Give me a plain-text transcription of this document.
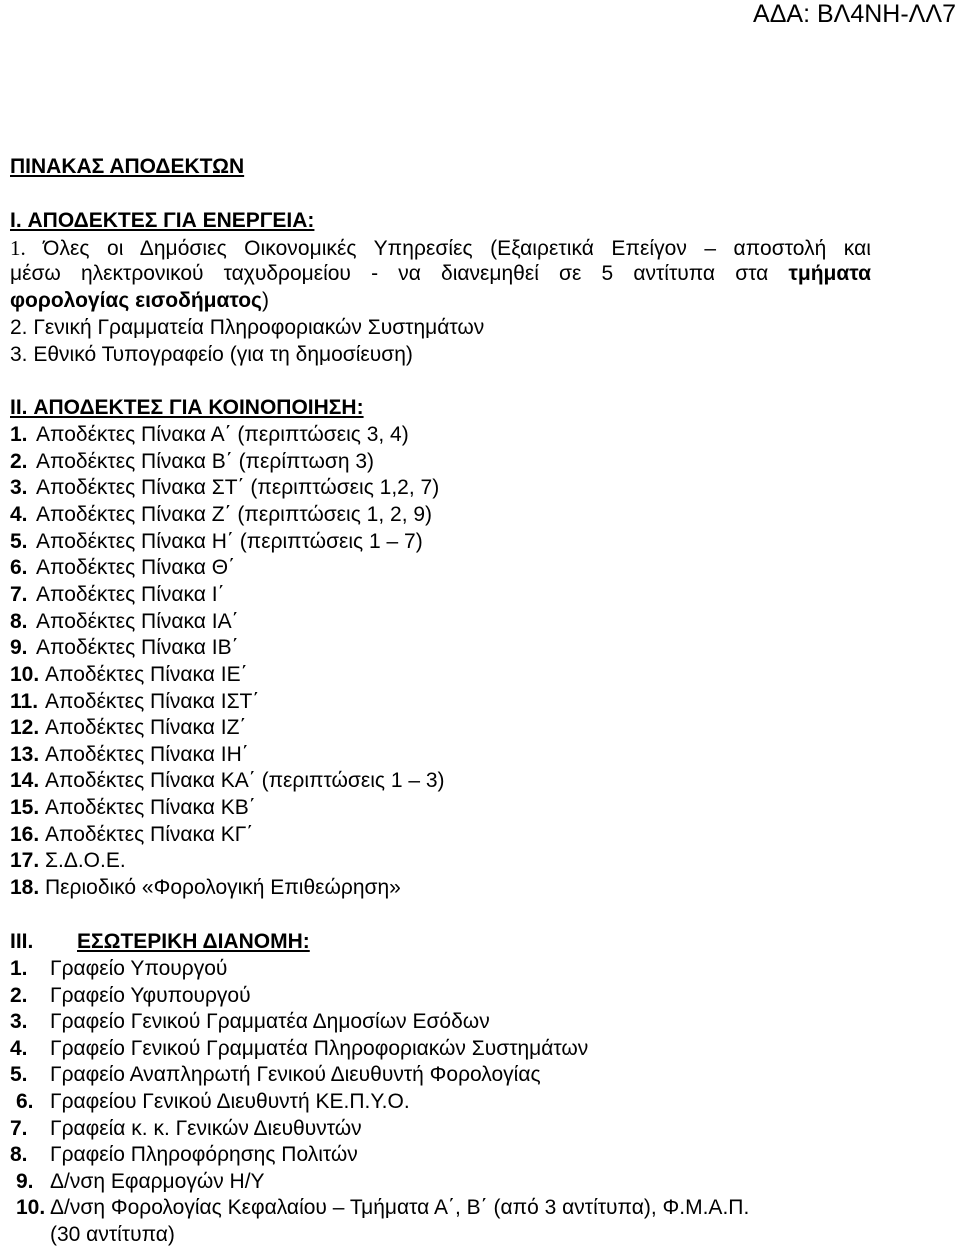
ΑΔΑ: ΒΛ4ΝΗ-ΛΛ7
ΠΙΝΑΚΑΣ ΑΠΟΔΕΚΤΩΝ
I. ΑΠΟΔΕΚΤΕΣ ΓΙΑ ΕΝΕΡΓΕΙΑ:
1. Όλες οι Δημόσιες Οικονομικές Υπηρεσίες (Εξαιρετικά Επείγον – αποστολή και
μέσω ηλεκτρονικού ταχυδρομείου - να διανεμηθεί σε 5 αντίτυπα στα τμήματα
φορολογίας εισοδήματος)
2. Γενική Γραμματεία Πληροφοριακών Συστημάτων
3. Εθνικό Τυπογραφείο (για τη δημοσίευση)
II. ΑΠΟΔΕΚΤΕΣ ΓΙΑ ΚΟΙΝΟΠΟΙΗΣΗ:
1. Αποδέκτες Πίνακα Α΄ (περιπτώσεις 3, 4)
2. Αποδέκτες Πίνακα Β΄ (περίπτωση 3)
3. Αποδέκτες Πίνακα ΣΤ΄ (περιπτώσεις 1,2, 7)
4. Αποδέκτες Πίνακα Ζ΄ (περιπτώσεις 1, 2, 9)
5. Αποδέκτες Πίνακα Η΄ (περιπτώσεις 1 – 7)
6. Αποδέκτες Πίνακα Θ΄
7. Αποδέκτες Πίνακα Ι΄
8. Αποδέκτες Πίνακα ΙΑ΄
9. Αποδέκτες Πίνακα ΙΒ΄
10. Αποδέκτες Πίνακα ΙΕ΄
11. Αποδέκτες Πίνακα ΙΣΤ΄
12. Αποδέκτες Πίνακα ΙΖ΄
13. Αποδέκτες Πίνακα ΙΗ΄
14. Αποδέκτες Πίνακα ΚΑ΄ (περιπτώσεις 1 – 3)
15. Αποδέκτες Πίνακα ΚΒ΄
16. Αποδέκτες Πίνακα ΚΓ΄
17. Σ.Δ.Ο.Ε.
18. Περιοδικό «Φορολογική Επιθεώρηση»
III. ΕΣΩΤΕΡΙΚΗ ΔΙΑΝΟΜΗ:
1. Γραφείο Υπουργού
2. Γραφείο Υφυπουργού
3. Γραφείο Γενικού Γραμματέα Δημοσίων Εσόδων
4. Γραφείο Γενικού Γραμματέα Πληροφοριακών Συστημάτων
5. Γραφείο Αναπληρωτή Γενικού Διευθυντή Φορολογίας
6. Γραφείου Γενικού Διευθυντή ΚΕ.Π.Υ.Ο.
7. Γραφεία κ. κ. Γενικών Διευθυντών
8. Γραφείο Πληροφόρησης Πολιτών
9. Δ/νση Εφαρμογών Η/Υ
10. Δ/νση Φορολογίας Κεφαλαίου – Τμήματα Α΄, Β΄ (από 3 αντίτυπα), Φ.Μ.Α.Π.
(30 αντίτυπα)
